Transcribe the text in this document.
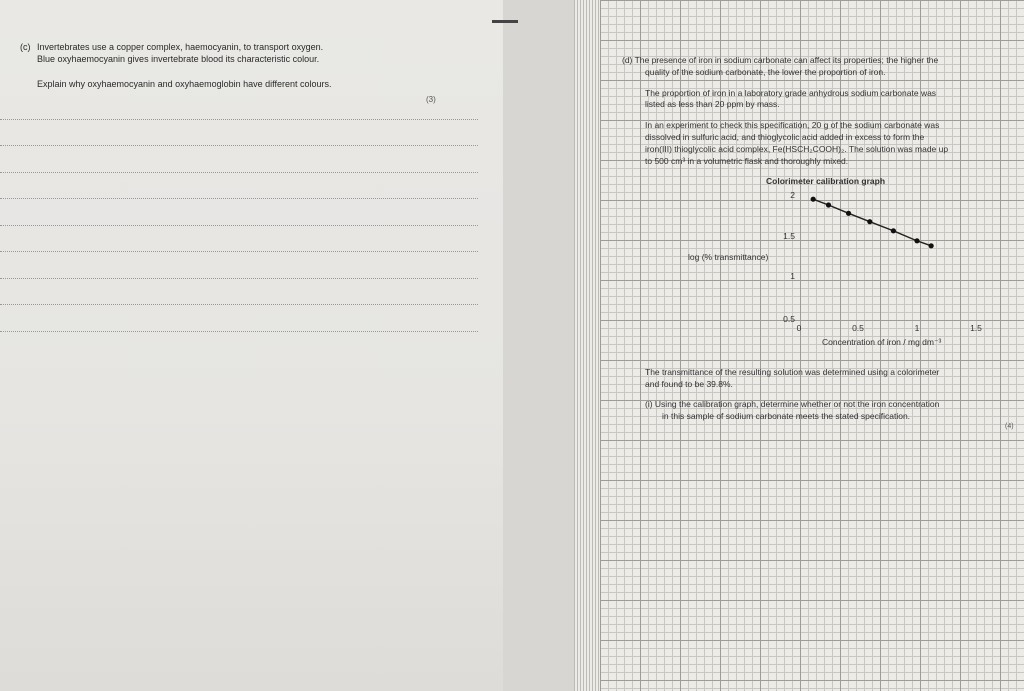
(c) Invertebrates use a copper complex, haemocyanin, to transport oxygen.
Blue oxyhaemocyanin gives invertebrate blood its characteristic colour.
Explain why oxyhaemocyanin and oxyhaemoglobin have different colours.
(3)
(d) The presence of iron in sodium carbonate can affect its properties; the higher the
quality of the sodium carbonate, the lower the proportion of iron.
The proportion of iron in a laboratory grade anhydrous sodium carbonate was
listed as less than 20 ppm by mass.
In an experiment to check this specification, 20 g of the sodium carbonate was
dissolved in sulfuric acid, and thioglycolic acid added in excess to form the
iron(III) thioglycolic acid complex, Fe(HSCH₂COOH)₂. The solution was made up
to 500 cm³ in a volumetric flask and thoroughly mixed.
Colorimeter calibration graph
0	0.5	1	1.5
0.5
1
1.5
2
log (% transmittance)
Concentration of iron / mg dm⁻³
The transmittance of the resulting solution was determined using a colorimeter
and found to be 39.8%.
(i) Using the calibration graph, determine whether or not the iron concentration
in this sample of sodium carbonate meets the stated specification.
(4)
